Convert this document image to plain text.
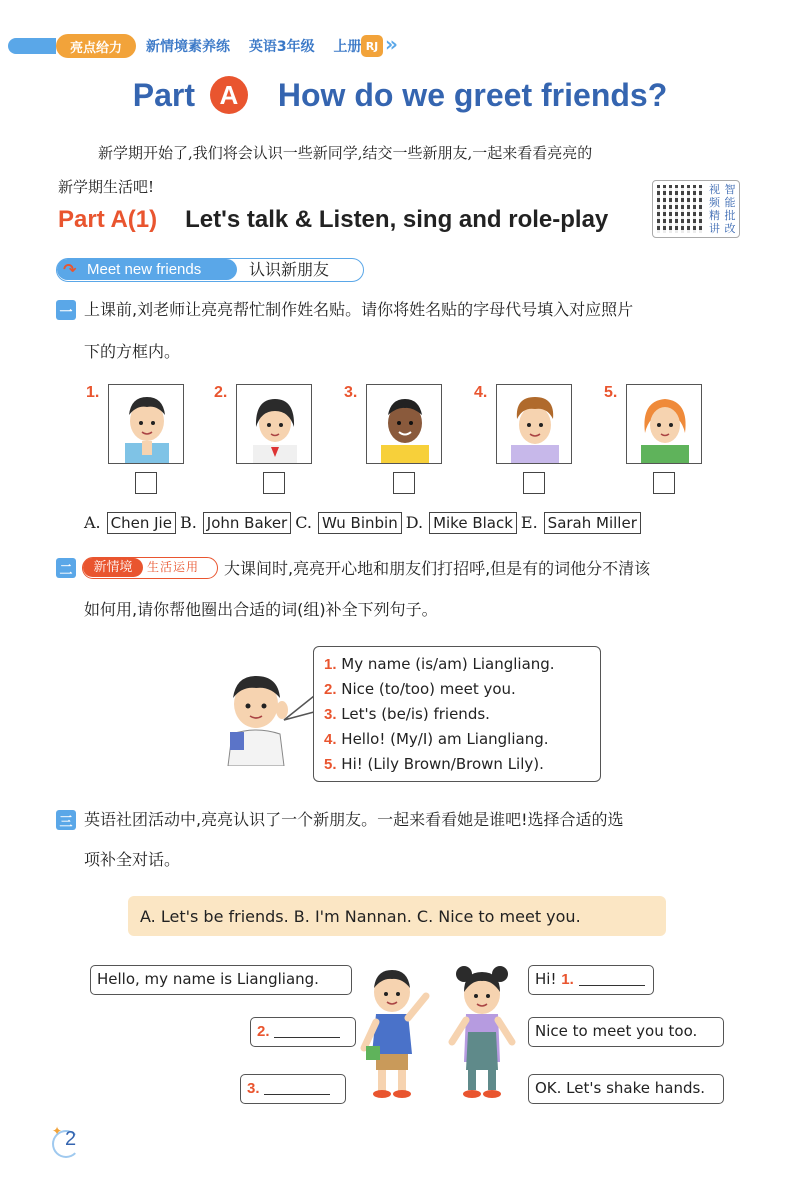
亮点给力	新情境素养练 英语3年级 上册 RJ »
Part A How do we greet friends?
新学期开始了,我们将会认识一些新同学,结交一些新朋友,一起来看看亮亮的
新学期生活吧!
Part A(1) Let's talk & Listen, sing and role-play
视 智
频 能
精 批
讲 改
Meet new friends
↷	认识新朋友
一 上课前,刘老师让亮亮帮忙制作姓名贴。请你将姓名贴的字母代号填入对应照片
下的方框内。
1.	2.	3.	4.	5.
A. Chen Jie B. John Baker C. Wu Binbin D. Mike Black E. Sarah Miller
二	新情境	生活运用 大课间时,亮亮开心地和朋友们打招呼,但是有的词他分不清该
如何用,请你帮他圈出合适的词(组)补全下列句子。
1. My name (is/am) Liangliang.
2. Nice (to/too) meet you.
3. Let's (be/is) friends.
4. Hello! (My/I) am Liangliang.
5. Hi! (Lily Brown/Brown Lily).
三 英语社团活动中,亮亮认识了一个新朋友。一起来看看她是谁吧!选择合适的选
项补全对话。
A. Let's be friends. B. I'm Nannan. C. Nice to meet you.
Hello, my name is Liangliang.	Hi! 1.
2.	Nice to meet you too.
3.	OK. Let's shake hands.
✦ 2
